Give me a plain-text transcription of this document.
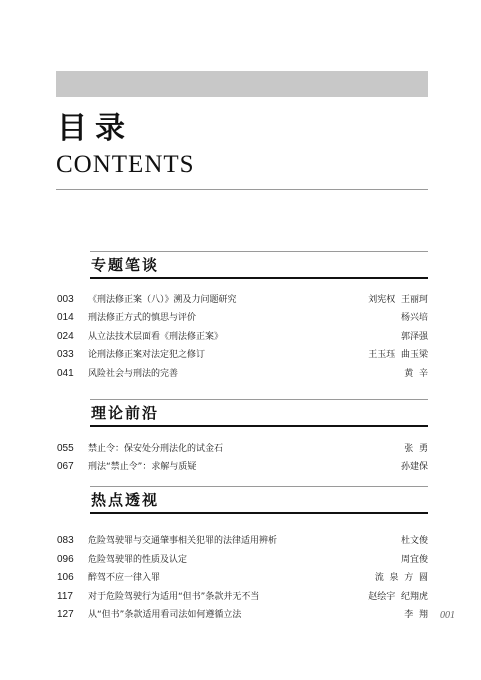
目录
CONTENTS
专题笔谈
003	《刑法修正案（八）》溯及力问题研究	刘宪权  王丽珂
014	刑法修正方式的慎思与评价	杨兴培
024	从立法技术层面看《刑法修正案》	郭泽强
033	论刑法修正案对法定犯之修订	王玉珏  曲玉梁
041	风险社会与刑法的完善	黄  辛
理论前沿
055	禁止令：保安处分刑法化的试金石	张  勇
067	刑法“禁止令”：求解与质疑	孙建保
热点透视
083	危险驾驶罪与交通肇事相关犯罪的法律适用辨析	杜文俊
096	危险驾驶罪的性质及认定	周宜俊
106	醉驾不应一律入罪	流  泉  方  圆
117	对于危险驾驶行为适用“但书”条款并无不当	赵绘宇  纪翔虎
127	从“但书”条款适用看司法如何遵循立法	李  翔 001
